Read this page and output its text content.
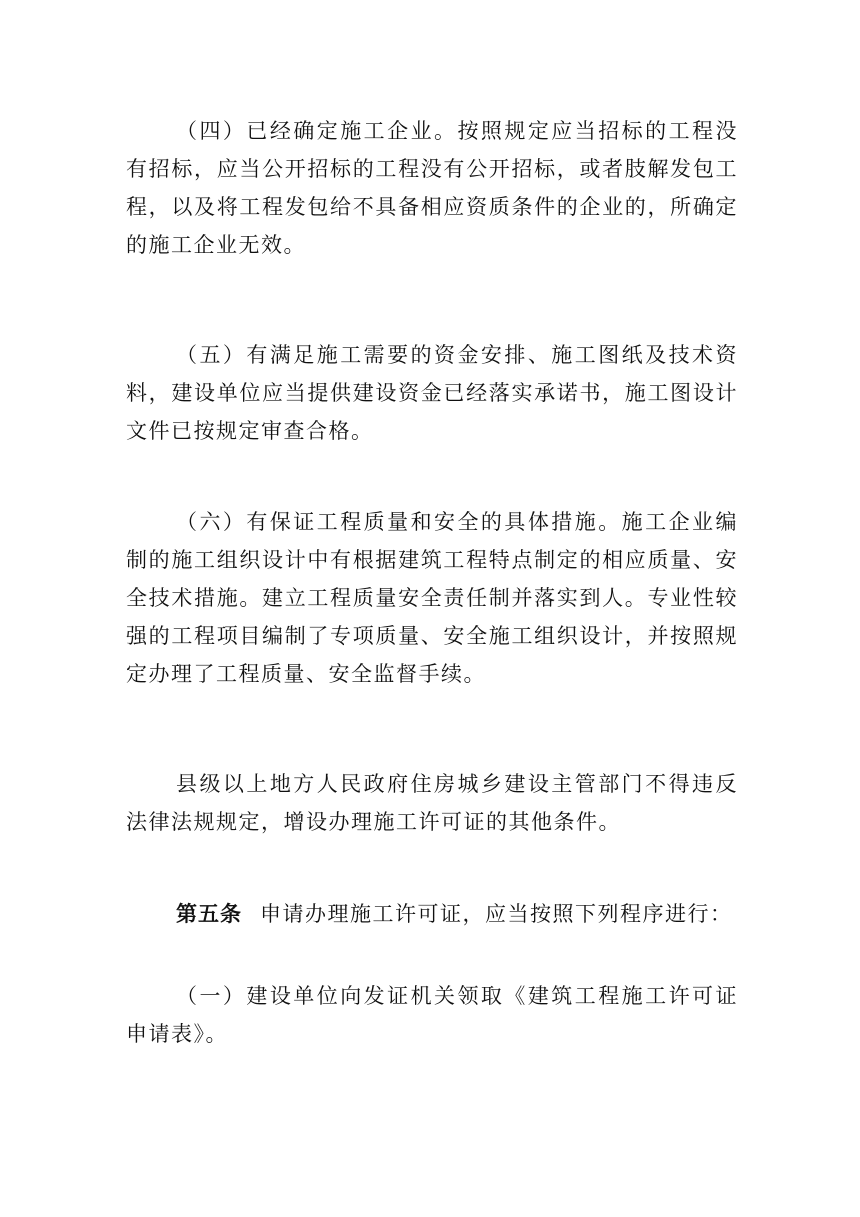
（四）已经确定施工企业。按照规定应当招标的工程没有招标，应当公开招标的工程没有公开招标，或者肢解发包工程，以及将工程发包给不具备相应资质条件的企业的，所确定的施工企业无效。

（五）有满足施工需要的资金安排、施工图纸及技术资料，建设单位应当提供建设资金已经落实承诺书，施工图设计文件已按规定审查合格。

（六）有保证工程质量和安全的具体措施。施工企业编制的施工组织设计中有根据建筑工程特点制定的相应质量、安全技术措施。建立工程质量安全责任制并落实到人。专业性较强的工程项目编制了专项质量、安全施工组织设计，并按照规定办理了工程质量、安全监督手续。

县级以上地方人民政府住房城乡建设主管部门不得违反法律法规规定，增设办理施工许可证的其他条件。

第五条 申请办理施工许可证，应当按照下列程序进行：

（一）建设单位向发证机关领取《建筑工程施工许可证申请表》。
